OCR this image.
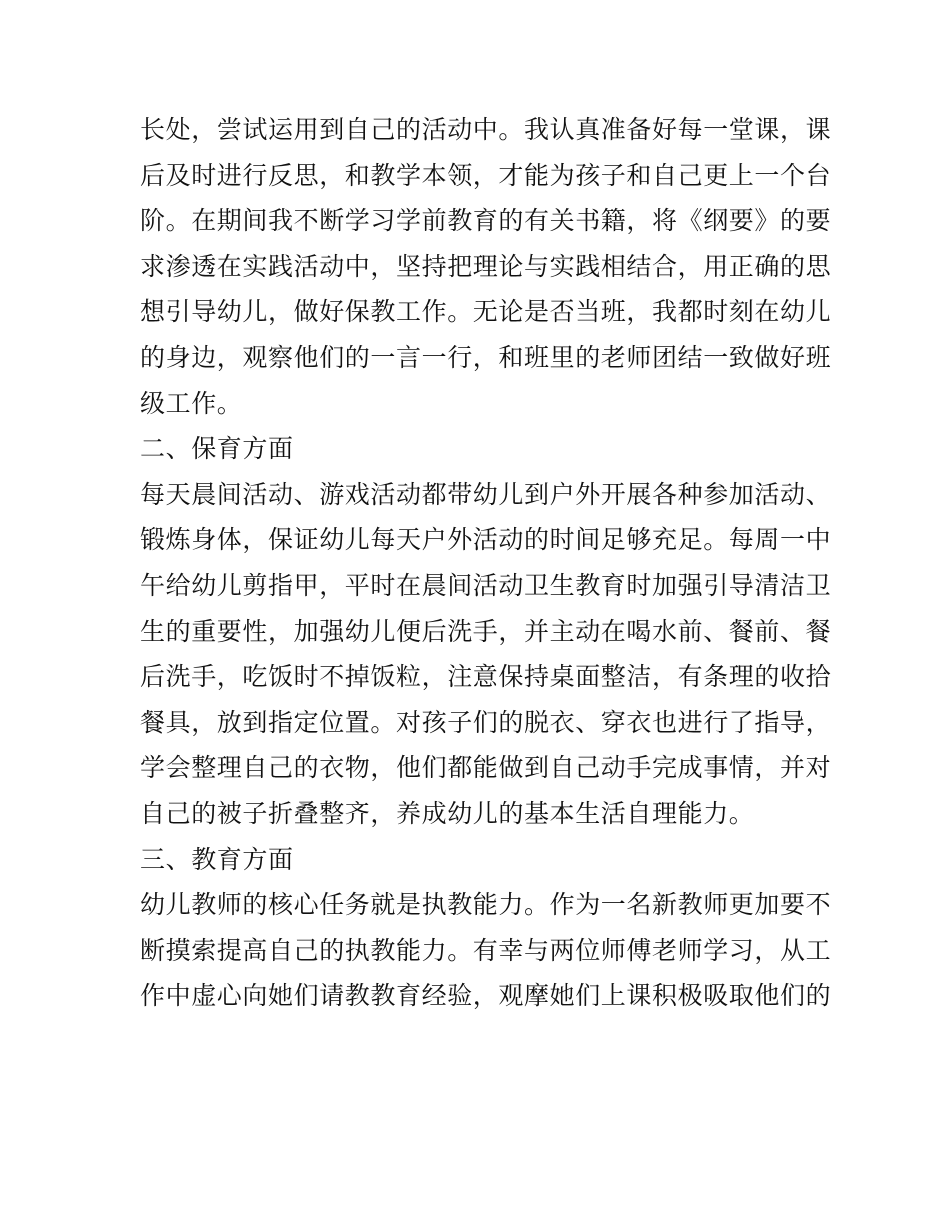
长处，尝试运用到自己的活动中。我认真准备好每一堂课，课
后及时进行反思，和教学本领，才能为孩子和自己更上一个台
阶。在期间我不断学习学前教育的有关书籍，将《纲要》的要
求渗透在实践活动中，坚持把理论与实践相结合，用正确的思
想引导幼儿，做好保教工作。无论是否当班，我都时刻在幼儿
的身边，观察他们的一言一行，和班里的老师团结一致做好班
级工作。
二、保育方面
每天晨间活动、游戏活动都带幼儿到户外开展各种参加活动、
锻炼身体，保证幼儿每天户外活动的时间足够充足。每周一中
午给幼儿剪指甲，平时在晨间活动卫生教育时加强引导清洁卫
生的重要性，加强幼儿便后洗手，并主动在喝水前、餐前、餐
后洗手，吃饭时不掉饭粒，注意保持桌面整洁，有条理的收拾
餐具，放到指定位置。对孩子们的脱衣、穿衣也进行了指导，
学会整理自己的衣物，他们都能做到自己动手完成事情，并对
自己的被子折叠整齐，养成幼儿的基本生活自理能力。
三、教育方面
幼儿教师的核心任务就是执教能力。作为一名新教师更加要不
断摸索提高自己的执教能力。有幸与两位师傅老师学习，从工
作中虚心向她们请教教育经验，观摩她们上课积极吸取他们的
